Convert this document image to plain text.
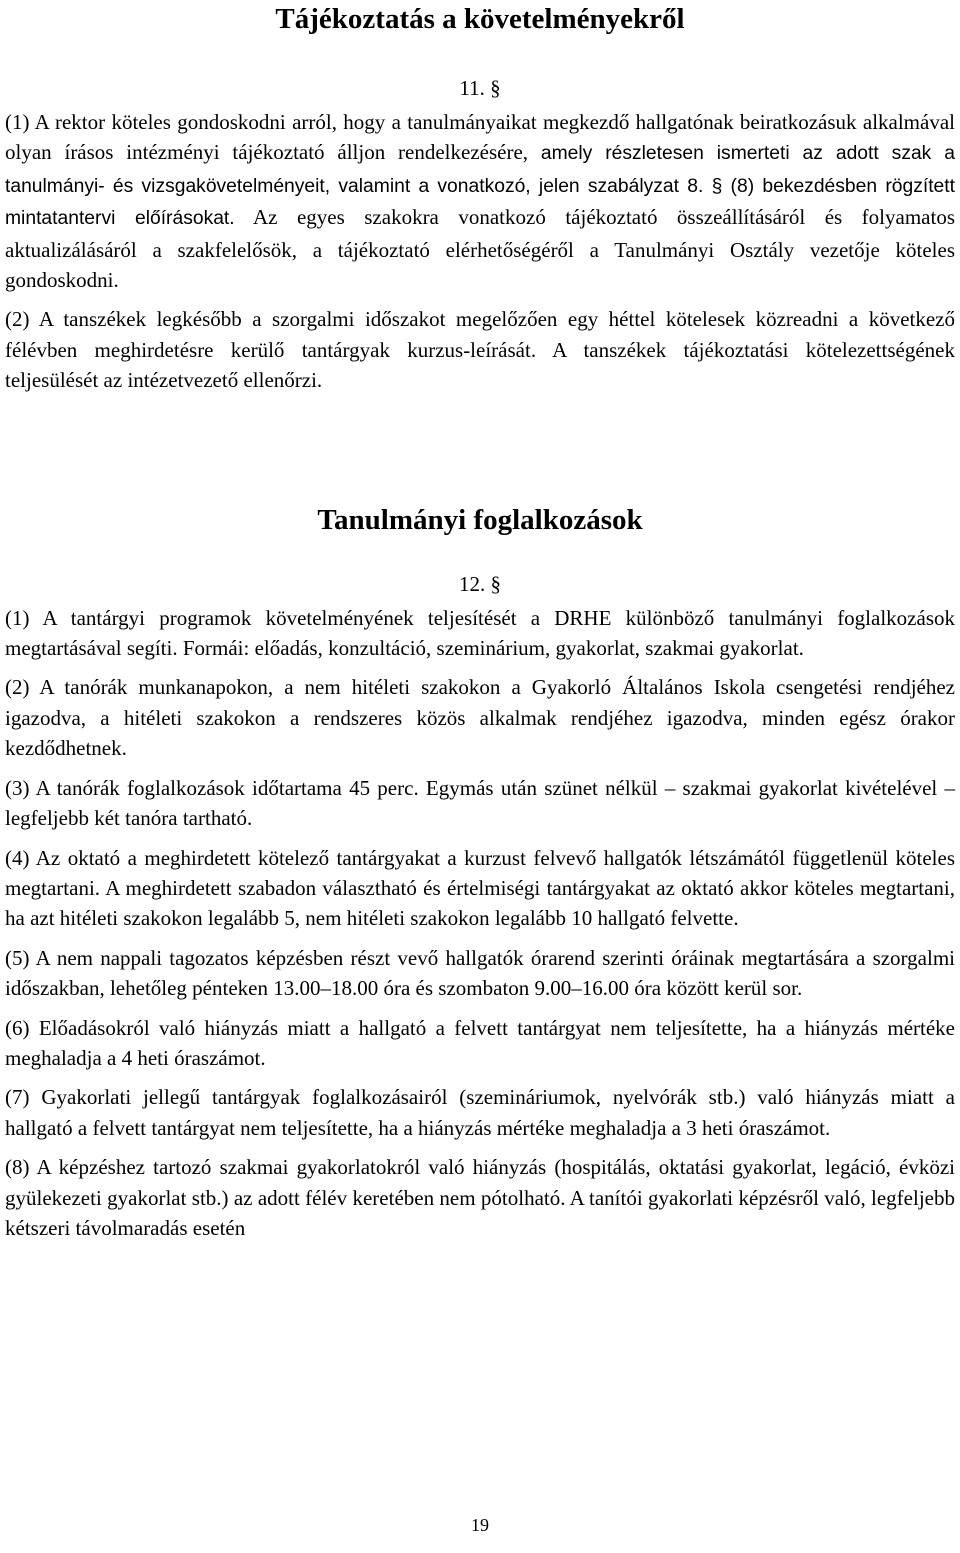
Tájékoztatás a követelményekről

11. §

(1) A rektor köteles gondoskodni arról, hogy a tanulmányaikat megkezdő hallgatónak beiratkozásuk alkalmával olyan írásos intézményi tájékoztató álljon rendelkezésére, amely részletesen ismerteti az adott szak a tanulmányi- és vizsgakövetelményeit, valamint a vonatkozó, jelen szabályzat 8. § (8) bekezdésben rögzített mintatantervi előírásokat. Az egyes szakokra vonatkozó tájékoztató összeállításáról és folyamatos aktualizálásáról a szakfelelősök, a tájékoztató elérhetőségéről a Tanulmányi Osztály vezetője köteles gondoskodni.

(2) A tanszékek legkésőbb a szorgalmi időszakot megelőzően egy héttel kötelesek közreadni a következő félévben meghirdetésre kerülő tantárgyak kurzus-leírását. A tanszékek tájékoztatási kötelezettségének teljesülését az intézetvezető ellenőrzi.

Tanulmányi foglalkozások

12. §

(1) A tantárgyi programok követelményének teljesítését a DRHE különböző tanulmányi foglalkozások megtartásával segíti. Formái: előadás, konzultáció, szeminárium, gyakorlat, szakmai gyakorlat.

(2) A tanórák munkanapokon, a nem hitéleti szakokon a Gyakorló Általános Iskola csengetési rendjéhez igazodva, a hitéleti szakokon a rendszeres közös alkalmak rendjéhez igazodva, minden egész órakor kezdődhetnek.

(3) A tanórák foglalkozások időtartama 45 perc. Egymás után szünet nélkül – szakmai gyakorlat kivételével – legfeljebb két tanóra tartható.

(4) Az oktató a meghirdetett kötelező tantárgyakat a kurzust felvevő hallgatók létszámától függetlenül köteles megtartani. A meghirdetett szabadon választható és értelmiségi tantárgyakat az oktató akkor köteles megtartani, ha azt hitéleti szakokon legalább 5, nem hitéleti szakokon legalább 10 hallgató felvette.

(5) A nem nappali tagozatos képzésben részt vevő hallgatók órarend szerinti óráinak megtartására a szorgalmi időszakban, lehetőleg pénteken 13.00–18.00 óra és szombaton 9.00–16.00 óra között kerül sor.

(6) Előadásokról való hiányzás miatt a hallgató a felvett tantárgyat nem teljesítette, ha a hiányzás mértéke meghaladja a 4 heti óraszámot.

(7) Gyakorlati jellegű tantárgyak foglalkozásairól (szemináriumok, nyelvórák stb.) való hiányzás miatt a hallgató a felvett tantárgyat nem teljesítette, ha a hiányzás mértéke meghaladja a 3 heti óraszámot.

(8) A képzéshez tartozó szakmai gyakorlatokról való hiányzás (hospitálás, oktatási gyakorlat, legáció, évközi gyülekezeti gyakorlat stb.) az adott félév keretében nem pótolható. A tanítói gyakorlati képzésről való, legfeljebb kétszeri távolmaradás esetén

19
